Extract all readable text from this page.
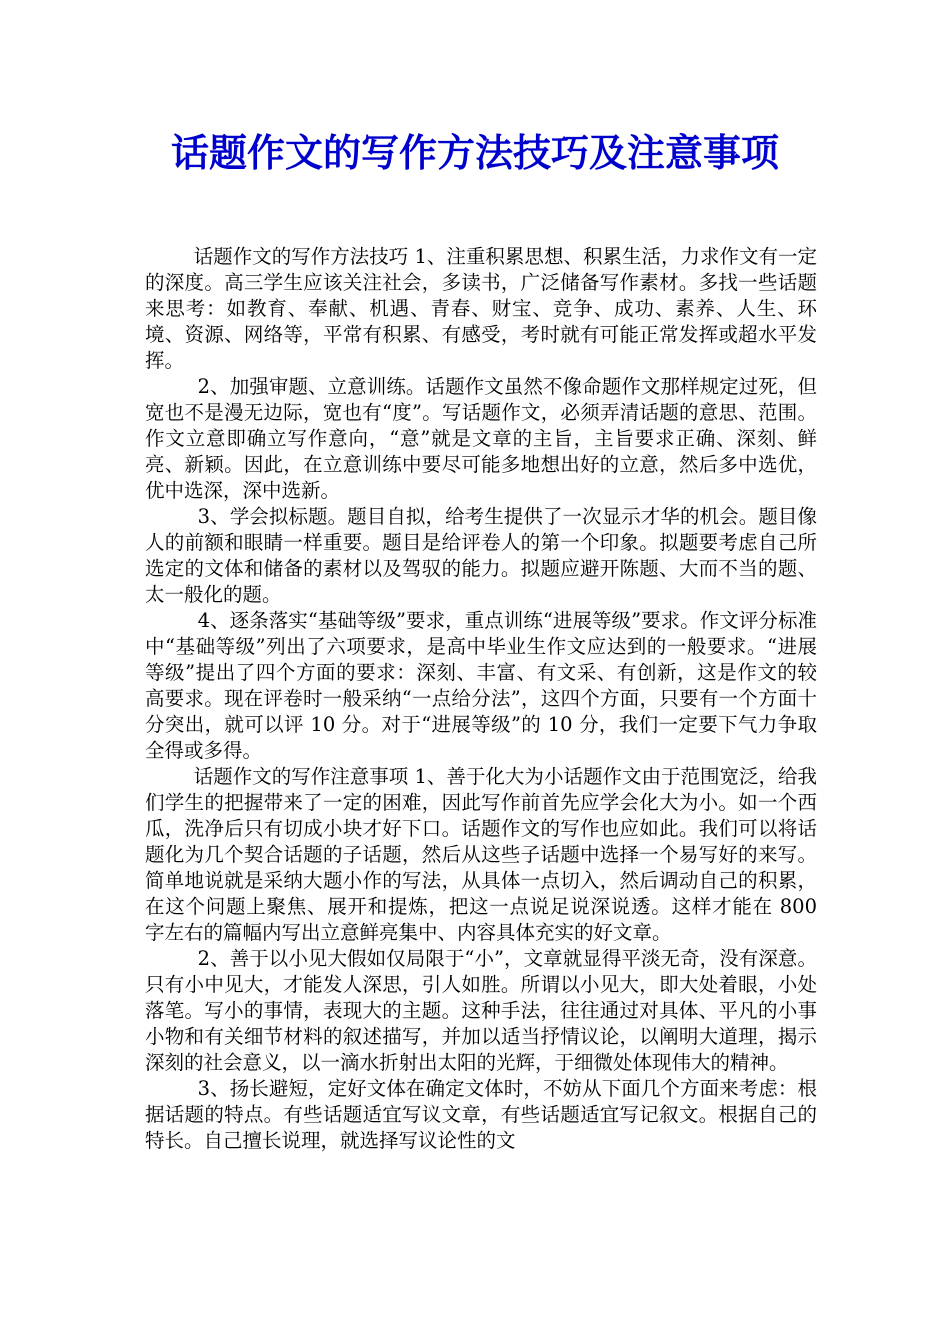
话题作文的写作方法技巧及注意事项

话题作文的写作方法技巧 1、注重积累思想、积累生活，力求作文有一定的深度。高三学生应该关注社会，多读书，广泛储备写作素材。多找一些话题来思考：如教育、奉献、机遇、青春、财宝、竞争、成功、素养、人生、环境、资源、网络等，平常有积累、有感受，考时就有可能正常发挥或超水平发挥。

2、加强审题、立意训练。话题作文虽然不像命题作文那样规定过死，但宽也不是漫无边际，宽也有“度”。写话题作文，必须弄清话题的意思、范围。作文立意即确立写作意向，“意”就是文章的主旨，主旨要求正确、深刻、鲜亮、新颖。因此，在立意训练中要尽可能多地想出好的立意，然后多中选优，优中选深，深中选新。

3、学会拟标题。题目自拟，给考生提供了一次显示才华的机会。题目像人的前额和眼睛一样重要。题目是给评卷人的第一个印象。拟题要考虑自己所选定的文体和储备的素材以及驾驭的能力。拟题应避开陈题、大而不当的题、太一般化的题。

4、逐条落实“基础等级”要求，重点训练“进展等级”要求。作文评分标准中“基础等级”列出了六项要求，是高中毕业生作文应达到的一般要求。“进展等级”提出了四个方面的要求：深刻、丰富、有文采、有创新，这是作文的较高要求。现在评卷时一般采纳“一点给分法”，这四个方面，只要有一个方面十分突出，就可以评 10 分。对于“进展等级”的 10 分，我们一定要下气力争取全得或多得。

话题作文的写作注意事项 1、善于化大为小话题作文由于范围宽泛，给我们学生的把握带来了一定的困难，因此写作前首先应学会化大为小。如一个西瓜，洗净后只有切成小块才好下口。话题作文的写作也应如此。我们可以将话题化为几个契合话题的子话题，然后从这些子话题中选择一个易写好的来写。简单地说就是采纳大题小作的写法，从具体一点切入，然后调动自己的积累，在这个问题上聚焦、展开和提炼，把这一点说足说深说透。这样才能在 800 字左右的篇幅内写出立意鲜亮集中、内容具体充实的好文章。

2、善于以小见大假如仅局限于“小”，文章就显得平淡无奇，没有深意。只有小中见大，才能发人深思，引人如胜。所谓以小见大，即大处着眼，小处落笔。写小的事情，表现大的主题。这种手法，往往通过对具体、平凡的小事小物和有关细节材料的叙述描写，并加以适当抒情议论，以阐明大道理，揭示深刻的社会意义，以一滴水折射出太阳的光辉，于细微处体现伟大的精神。

3、扬长避短，定好文体在确定文体时，不妨从下面几个方面来考虑：根据话题的特点。有些话题适宜写议文章，有些话题适宜写记叙文。根据自己的特长。自己擅长说理，就选择写议论性的文
